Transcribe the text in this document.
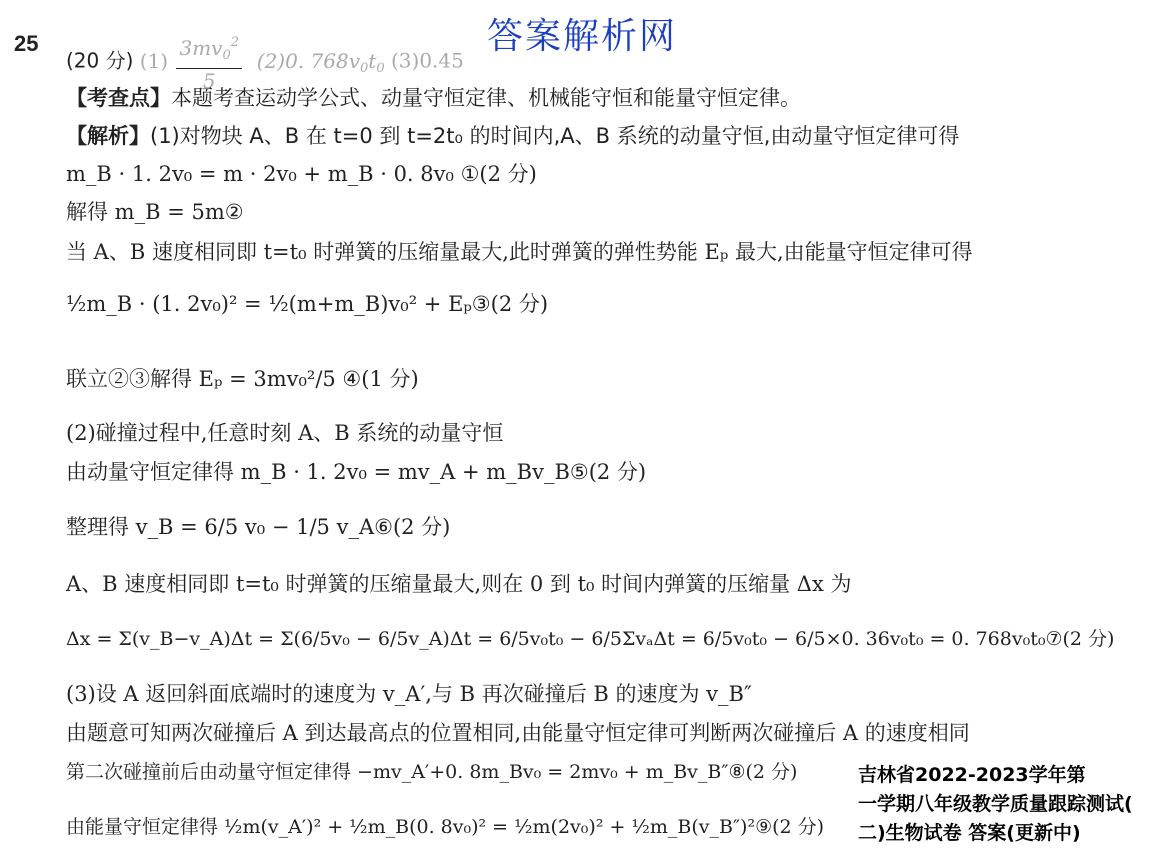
答案解析网
25
(20 分) $(1) \frac{3mv_0^2}{5} (2)0$. $768v_0t_0$ (3)0.45
【考查点】本题考查运动学公式、动量守恒定律、机械能守恒和能量守恒定律。
【解析】(1)对物块 A、B 在 t=0 到 t=2t₀ 的时间内,A、B 系统的动量守恒,由动量守恒定律可得
m_B · 1. 2v₀ = m · 2v₀ + m_B · 0. 8v₀ ①(2 分)
解得 m_B = 5m②
当 A、B 速度相同即 t=t₀ 时弹簧的压缩量最大,此时弹簧的弹性势能 Eₚ 最大,由能量守恒定律可得
½m_B · (1. 2v₀)² = ½(m+m_B)v₀² + Eₚ③(2 分)
联立②③解得 Eₚ = 3mv₀²/5 ④(1 分)
(2)碰撞过程中,任意时刻 A、B 系统的动量守恒
由动量守恒定律得 m_B · 1. 2v₀ = mv_A + m_Bv_B⑤(2 分)
整理得 v_B = 6/5 v₀ − 1/5 v_A⑥(2 分)
A、B 速度相同即 t=t₀ 时弹簧的压缩量最大,则在 0 到 t₀ 时间内弹簧的压缩量 Δx 为
Δx = Σ(v_B−v_A)Δt = Σ(6/5v₀ − 6/5v_A)Δt = 6/5v₀t₀ − 6/5ΣvₐΔt = 6/5v₀t₀ − 6/5×0. 36v₀t₀ = 0. 768v₀t₀⑦(2 分)
(3)设 A 返回斜面底端时的速度为 v_A′,与 B 再次碰撞后 B 的速度为 v_B″
由题意可知两次碰撞后 A 到达最高点的位置相同,由能量守恒定律可判断两次碰撞后 A 的速度相同
第二次碰撞前后由动量守恒定律得 −mv_A′+0. 8m_Bv₀ = 2mv₀ + m_Bv_B″⑧(2 分)
由能量守恒定律得 ½m(v_A′)² + ½m_B(0. 8v₀)² = ½m(2v₀)² + ½m_B(v_B″)²⑨(2 分)
吉林省2022-2023学年第
一学期八年级教学质量跟踪测试(
二)生物试卷 答案(更新中)
